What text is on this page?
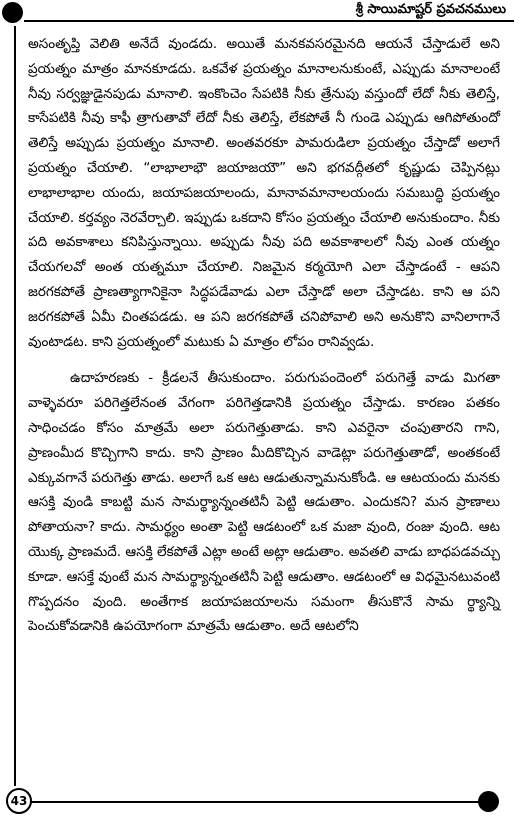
శ్రీ సాయిమాష్టర్ ప్రవచనములు

అసంతృప్తి వెలితి అనేదే వుండదు. అయితే మనకవసరమైనది ఆయనే చేస్తాడులే అని ప్రయత్నం మాత్రం మానకూడదు. ఒకవేళ ప్రయత్నం మానాలనుకుంటే, ఎప్పుడు మానాలంటే నీవు సర్వజ్ఞుడైనపుడు మానాలి. ఇంకొంచెం సేపటికి నీకు త్రేనుపు వస్తుందో లేదో నీకు తెలిస్తే, కాసేపటికి నీవు కాఫీ త్రాగుతావో లేదో నీకు తెలిస్తే, లేకపోతే నీ గుండె ఎప్పుడు ఆగిపోతుందో తెలిస్తే అప్పుడు ప్రయత్నం మానాలి. అంతవరకూ పామరుడిలా ప్రయత్నం చేస్తాడో అలాగే ప్రయత్నం చేయాలి. “లాభాలాభౌ జయాజయౌ” అని భగవద్గీతలో కృష్ణుడు చెప్పినట్లు లాభాలాభాల యందు, జయాపజయాలందు, మానావమానాలయందు సమబుద్ధి ప్రయత్నం చేయాలి. కర్తవ్యం నెరవేర్చాలి. ఇప్పుడు ఒకదాని కోసం ప్రయత్నం చేయాలి అనుకుందాం. నీకు పది అవకాశాలు కనిపిస్తున్నాయి. అప్పుడు నీవు పది అవకాశాలలో నీవు ఎంత యత్నం చేయగలవో అంత యత్నమూ చేయాలి. నిజమైన కర్మయోగి ఎలా చేస్తాడంటే - ఆపని జరగకపోతే ప్రాణత్యాగానికైనా సిద్ధపడేవాడు ఎలా చేస్తాడో అలా చేస్తాడట. కాని ఆ పని జరగకపోతే ఏమీ చింతపడడు. ఆ పని జరగకపోతే చనిపోవాలి అని అనుకొని వానిలాగానే వుంటాడట. కాని ప్రయత్నంలో మటుకు ఏ మాత్రం లోపం రానివ్వడు.

ఉదాహరణకు - క్రీడలనే తీసుకుందాం. పరుగుపందెంలో పరుగెత్తే వాడు మిగతా వాళ్ళెవరూ పరిగెత్తలేనంత వేగంగా పరిగెత్తడానికి ప్రయత్నం చేస్తాడు. కారణం పతకం సాధించడం కోసం మాత్రమే అలా పరుగెత్తుతాడు. కాని ఎవరైనా చంపుతారని గాని, ప్రాణంమీద కొచ్చిగాని కాదు. కాని ప్రాణం మీదికొచ్చిన వాడెట్లా పరుగెత్తుతాడో, అంతకంటే ఎక్కువగానే పరుగెత్తు తాడు. అలాగే ఒక ఆట ఆడుతున్నామనుకోండి. ఆ ఆటయందు మనకు ఆసక్తి వుండి కాబట్టి మన సామర్థ్యాన్నంతటినీ పెట్టి ఆడుతాం. ఎందుకని? మన ప్రాణాలు పోతాయనా? కాదు. సామర్థ్యం అంతా పెట్టి ఆడటంలో ఒక మజా వుంది, రంజు వుంది. ఆట యొక్క ప్రాణమదే. ఆసక్తి లేకపోతే ఎట్లా అంటే అట్లా ఆడుతాం. అవతలి వాడు బాధపడవచ్చు కూడా. ఆసక్తే వుంటే మన సామర్థ్యాన్నంతటినీ పెట్టి ఆడుతాం. ఆడటంలో ఆ విధమైనటువంటి గొప్పదనం వుంది. అంతేగాక జయాపజయాలను సమంగా తీసుకొనే సామ ర్థ్యాన్ని పెంచుకోవడానికి ఉపయోగంగా మాత్రమే ఆడుతాం. అదే ఆటలోని

43
